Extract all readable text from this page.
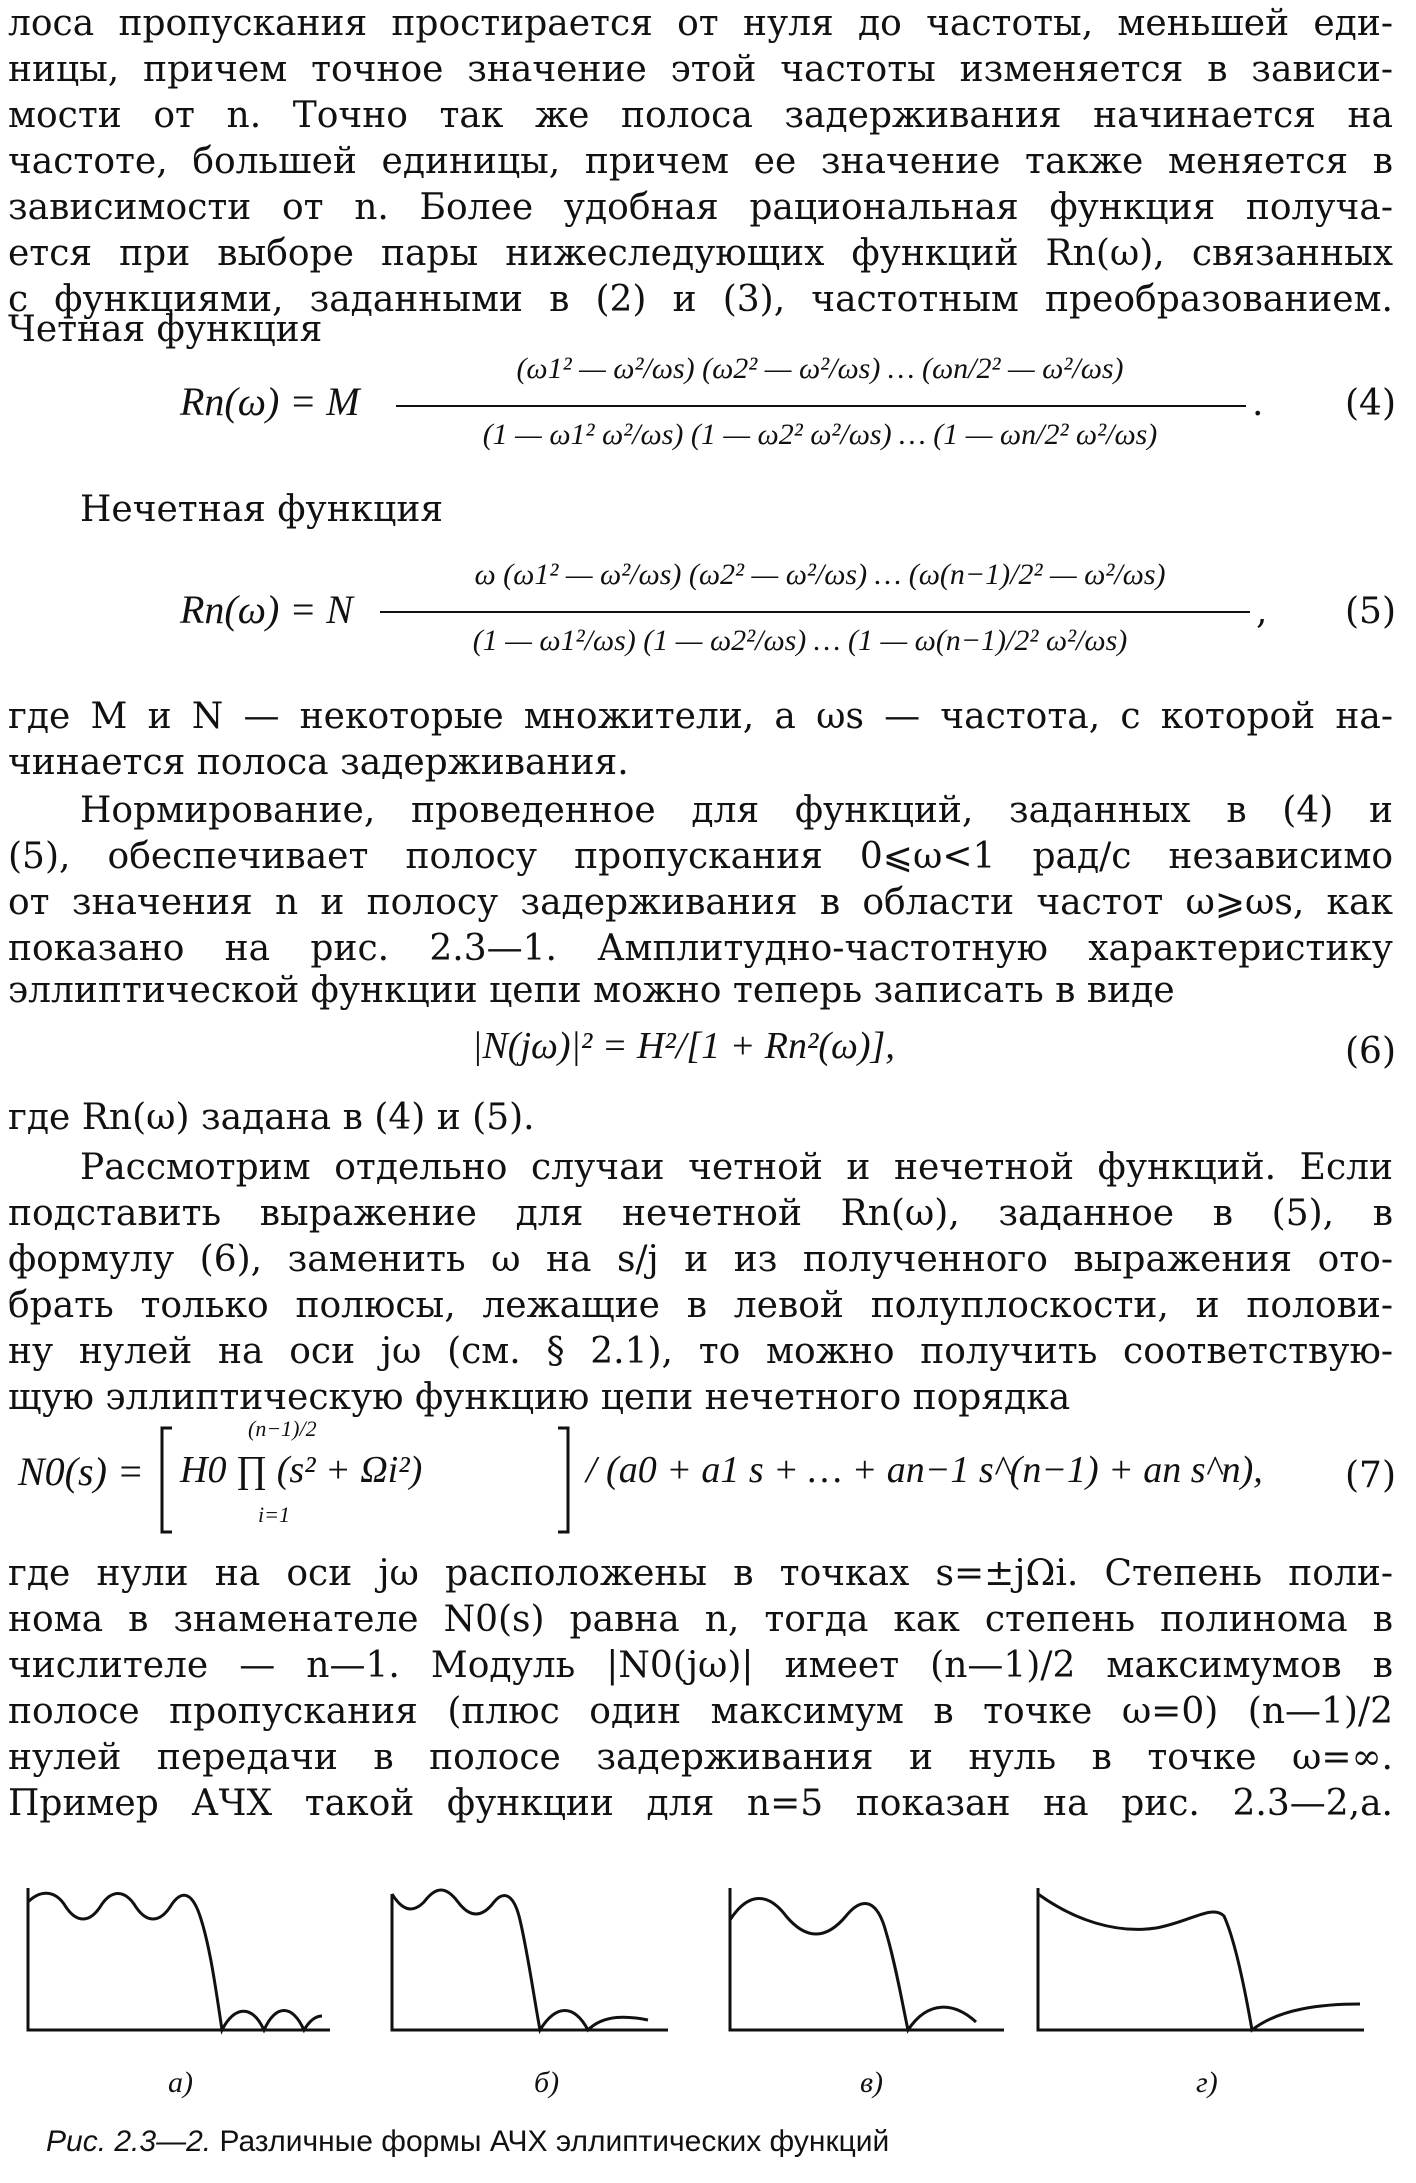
лоса пропускания простирается от нуля до частоты, меньшей еди-
ницы, причем точное значение этой частоты изменяется в зависи-
мости от n. Точно так же полоса задерживания начинается на
частоте, большей единицы, причем ее значение также меняется в
зависимости от n. Более удобная рациональная функция получа-
ется при выборе пары нижеследующих функций Rn(ω), связанных
с функциями, заданными в (2) и (3), частотным преобразованием.
Четная функция
Rn(ω) = M
(ω1² — ω²/ωs) (ω2² — ω²/ωs) … (ωn/2² — ω²/ωs)
(1 — ω1² ω²/ωs) (1 — ω2² ω²/ωs) … (1 — ωn/2² ω²/ωs)
. (4)
Нечетная функция
Rn(ω) = N
ω (ω1² — ω²/ωs) (ω2² — ω²/ωs) … (ω(n−1)/2² — ω²/ωs)
(1 — ω1²/ωs) (1 — ω2²/ωs) … (1 — ω(n−1)/2² ω²/ωs)
, (5)
где M и N — некоторые множители, а ωs — частота, с которой на-
чинается полоса задерживания.
Нормирование, проведенное для функций, заданных в (4) и
(5), обеспечивает полосу пропускания 0⩽ω<1 рад/с независимо
от значения n и полосу задерживания в области частот ω⩾ωs, как
показано на рис. 2.3—1. Амплитудно-частотную характеристику
эллиптической функции цепи можно теперь записать в виде
|N(jω)|² = H²/[1 + Rn²(ω)],	(6)
где Rn(ω) задана в (4) и (5).
Рассмотрим отдельно случаи четной и нечетной функций. Если
подставить выражение для нечетной Rn(ω), заданное в (5), в
формулу (6), заменить ω на s/j и из полученного выражения ото-
брать только полюсы, лежащие в левой полуплоскости, и полови-
ну нулей на оси jω (см. § 2.1), то можно получить соответствую-
щую эллиптическую функцию цепи нечетного порядка
N0(s) =
(n−1)/2
H0 ∏ (s² + Ωi²)
i=1
/ (a0 + a1 s + … + an−1 s^(n−1) + an s^n), (7)
где нули на оси jω расположены в точках s=±jΩi. Степень поли-
нома в знаменателе N0(s) равна n, тогда как степень полинома в
числителе — n—1. Модуль |N0(jω)| имеет (n—1)/2 максимумов в
полосе пропускания (плюс один максимум в точке ω=0) (n—1)/2
нулей передачи в полосе задерживания и нуль в точке ω=∞.
Пример АЧХ такой функции для n=5 показан на рис. 2.3—2,a.
а)	б)	в)	г)
Рис. 2.3—2. Различные формы АЧХ эллиптических функций
